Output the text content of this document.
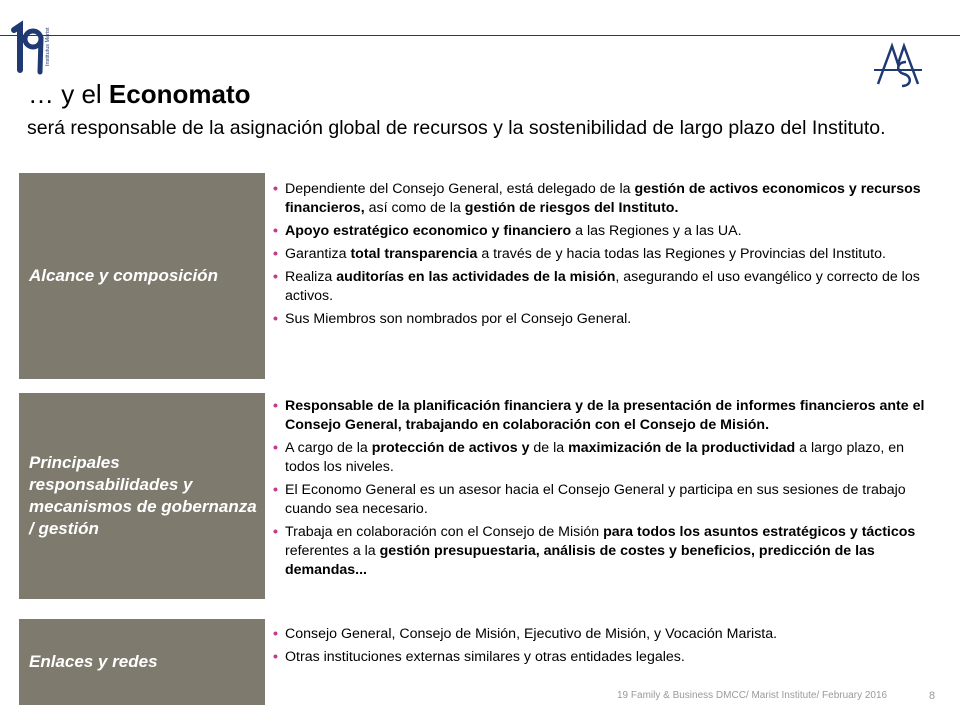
Institutus Marist
… y el Economato
será responsable de la asignación global de recursos y la sostenibilidad de largo plazo del Instituto.
Alcance y composición
Principales responsabilidades y mecanismos de gobernanza / gestión
Enlaces y redes
• Dependiente del Consejo General, está delegado de la gestión de activos economicos y recursos financieros, así como de la gestión de riesgos del Instituto.
• Apoyo estratégico economico y financiero a las Regiones y a las UA.
• Garantiza total transparencia a través de y hacia todas las Regiones y Provincias del Instituto.
• Realiza auditorías en las actividades de la misión, asegurando el uso evangélico y correcto de los activos.
• Sus Miembros son nombrados por el Consejo General.
• Responsable de la planificación financiera y de la presentación de informes financieros ante el Consejo General, trabajando en colaboración con el Consejo de Misión.
• A cargo de la protección de activos y de la maximización de la productividad a largo plazo, en todos los niveles.
• El Economo General es un asesor hacia el Consejo General y participa en sus sesiones de trabajo cuando sea necesario.
• Trabaja en colaboración con el Consejo de Misión para todos los asuntos estratégicos y tácticos referentes a la gestión presupuestaria, análisis de costes y beneficios, predicción de las demandas...
• Consejo General, Consejo de Misión, Ejecutivo de Misión, y Vocación Marista.
• Otras instituciones externas similares y otras entidades legales.
19 Family & Business DMCC/ Marist Institute/ February 2016	8
